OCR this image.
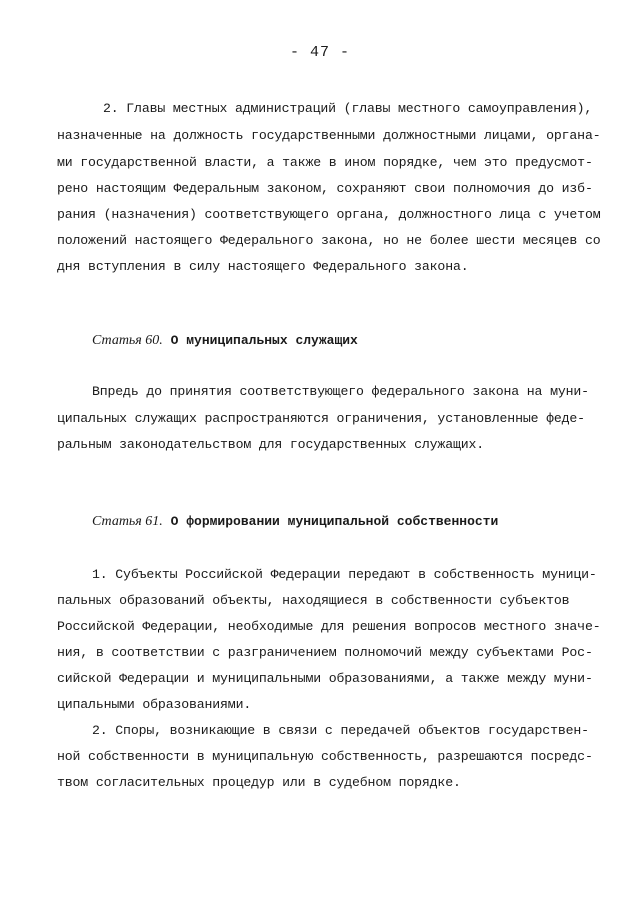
- 47 -
2. Главы местных администраций (главы местного самоуправления),
назначенные на должность государственными должностными лицами, органа-
ми государственной власти, а также в ином порядке, чем это предусмот-
рено настоящим Федеральным законом, сохраняют свои полномочия до изб-
рания (назначения) соответствующего органа, должностного лица с учетом
положений настоящего Федерального закона, но не более шести месяцев со
дня вступления в силу настоящего Федерального закона.
Статья 60. О муниципальных служащих
Впредь до принятия соответствующего федерального закона на муни-
ципальных служащих распространяются ограничения, установленные феде-
ральным законодательством для государственных служащих.
Статья 61. О формировании муниципальной собственности
1. Субъекты Российской Федерации передают в собственность муници-
пальных образований объекты, находящиеся в собственности субъектов
Российской Федерации, необходимые для решения вопросов местного значе-
ния, в соответствии с разграничением полномочий между субъектами Рос-
сийской Федерации и муниципальными образованиями, а также между муни-
ципальными образованиями.
2. Споры, возникающие в связи с передачей объектов государствен-
ной собственности в муниципальную собственность, разрешаются посредс-
твом согласительных процедур или в судебном порядке.
